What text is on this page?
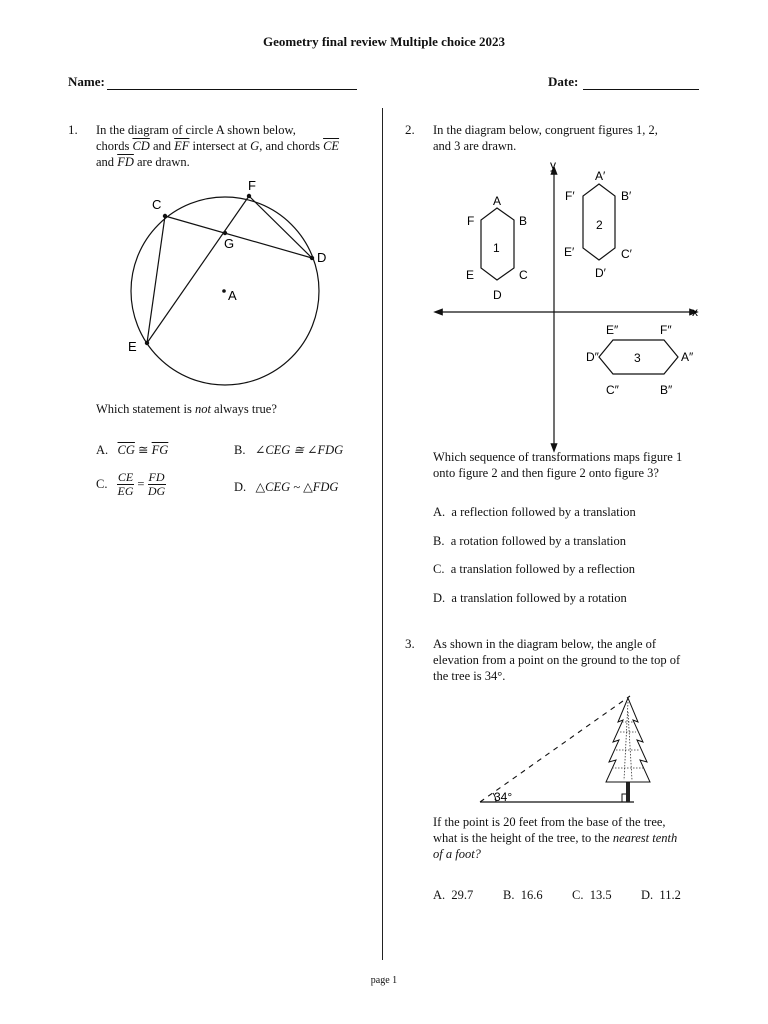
Geometry final review Multiple choice 2023
Name:	Date:
1. In the diagram of circle A shown below,
chords $\overline{CD}$ and $\overline{EF}$ intersect at G, and chords $\overline{CE}$
and $\overline{FD}$ are drawn.
C
F
G
D
A
E
Which statement is not always true?
A. $\overline{CG}$ ≅ $\overline{FG}$	B. ∠CEG ≅ ∠FDG
C. $\frac{CE}{EG} = \frac{FD}{DG}$	D. △CEG ~ △FDG
2. In the diagram below, congruent figures 1, 2,
and 3 are drawn.
y
x
A
B
C
D
E
F
1
A′
B′
C′
D′
E′
F′
2
E″	F″
A″
B″
C″
D″	3
Which sequence of transformations maps figure 1
onto figure 2 and then figure 2 onto figure 3?
A. a reflection followed by a translation
B. a rotation followed by a translation
C. a translation followed by a reflection
D. a translation followed by a rotation
3. As shown in the diagram below, the angle of
elevation from a point on the ground to the top of
the tree is 34°.
34°
If the point is 20 feet from the base of the tree,
what is the height of the tree, to the nearest tenth
of a foot?
A. 29.7 B. 16.6 C. 13.5 D. 11.2
page 1
